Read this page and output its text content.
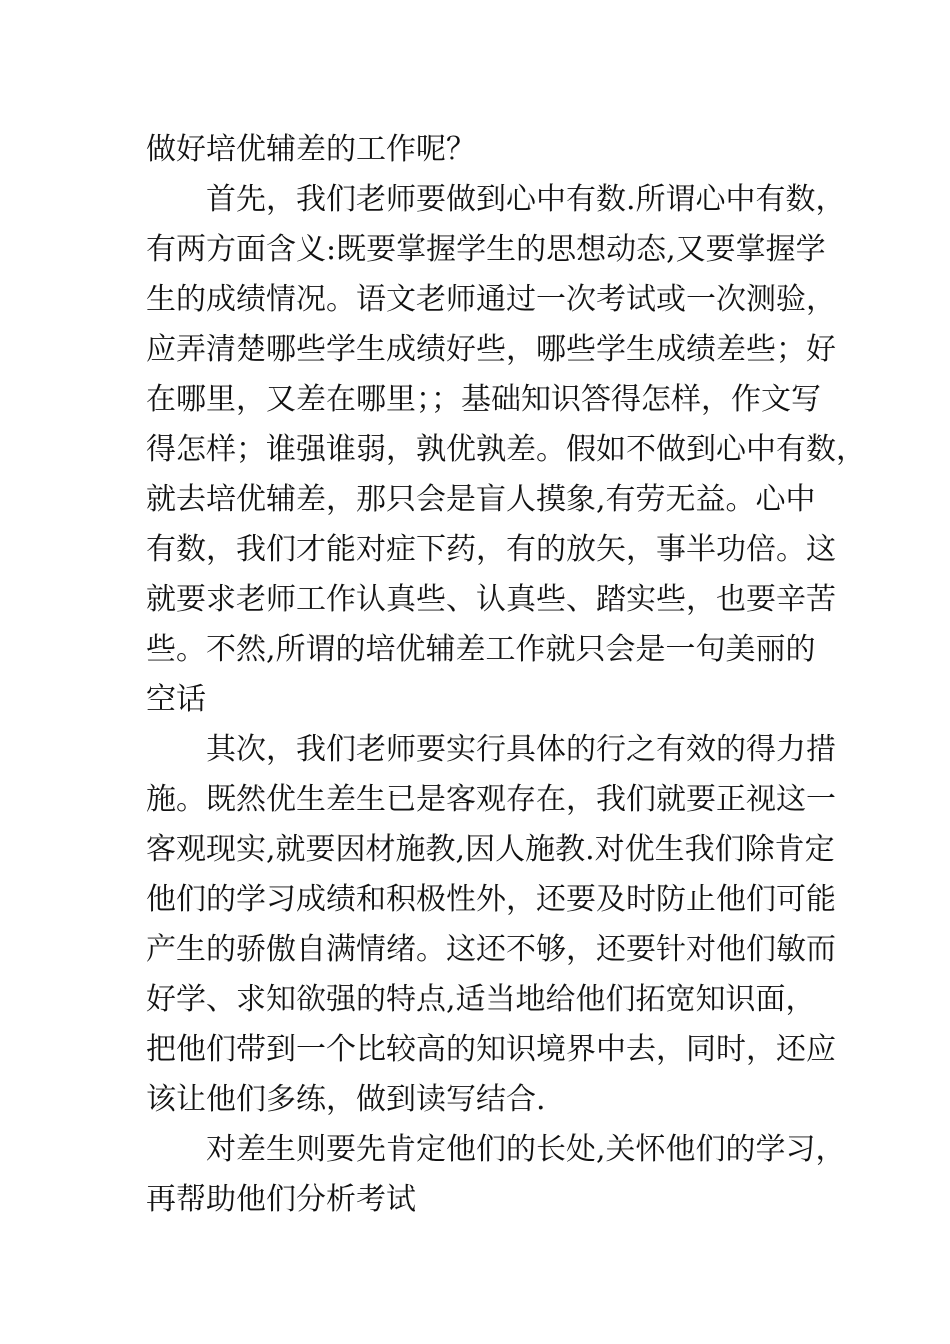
做好培优辅差的工作呢？
首先，我们老师要做到心中有数.所谓心中有数，
有两方面含义:既要掌握学生的思想动态,又要掌握学
生的成绩情况。语文老师通过一次考试或一次测验，
应弄清楚哪些学生成绩好些，哪些学生成绩差些；好
在哪里，又差在哪里；；基础知识答得怎样，作文写
得怎样；谁强谁弱，孰优孰差。假如不做到心中有数，
就去培优辅差，那只会是盲人摸象,有劳无益。心中
有数，我们才能对症下药，有的放矢，事半功倍。这
就要求老师工作认真些、认真些、踏实些，也要辛苦
些。不然,所谓的培优辅差工作就只会是一句美丽的
空话
其次，我们老师要实行具体的行之有效的得力措
施。既然优生差生已是客观存在，我们就要正视这一
客观现实,就要因材施教,因人施教.对优生我们除肯定
他们的学习成绩和积极性外，还要及时防止他们可能
产生的骄傲自满情绪。这还不够，还要针对他们敏而
好学、求知欲强的特点,适当地给他们拓宽知识面，
把他们带到一个比较高的知识境界中去，同时，还应
该让他们多练，做到读写结合.
对差生则要先肯定他们的长处,关怀他们的学习，
再帮助他们分析考试
